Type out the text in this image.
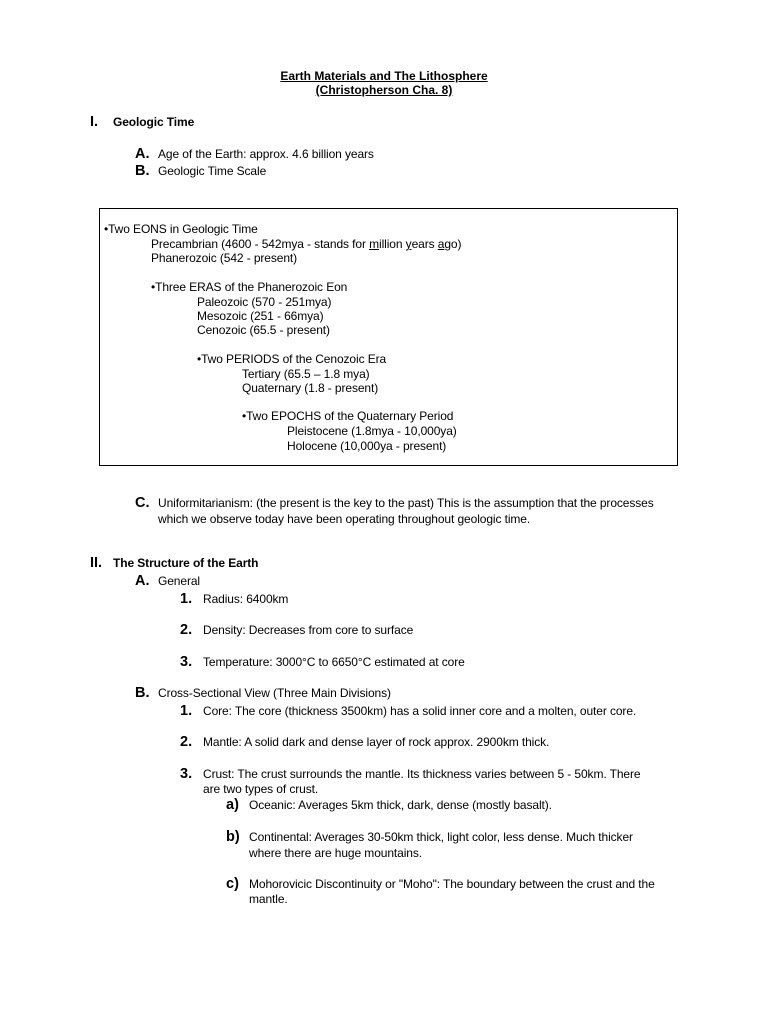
Earth Materials and The Lithosphere
(Christopherson Cha. 8)
I. Geologic Time
A. Age of the Earth: approx. 4.6 billion years
B. Geologic Time Scale
•Two EONS in Geologic Time
Precambrian (4600 - 542mya - stands for million years ago)
Phanerozoic (542 - present)
•Three ERAS of the Phanerozoic Eon
Paleozoic (570 - 251mya)
Mesozoic (251 - 66mya)
Cenozoic (65.5 - present)
•Two PERIODS of the Cenozoic Era
Tertiary (65.5 – 1.8 mya)
Quaternary (1.8 - present)
•Two EPOCHS of the Quaternary Period
Pleistocene (1.8mya - 10,000ya)
Holocene (10,000ya - present)
C. Uniformitarianism: (the present is the key to the past) This is the assumption that the processes
which we observe today have been operating throughout geologic time.
II. The Structure of the Earth
A. General
1. Radius: 6400km
2. Density: Decreases from core to surface
3. Temperature: 3000°C to 6650°C estimated at core
B. Cross-Sectional View (Three Main Divisions)
1. Core: The core (thickness 3500km) has a solid inner core and a molten, outer core.
2. Mantle: A solid dark and dense layer of rock approx. 2900km thick.
3. Crust: The crust surrounds the mantle. Its thickness varies between 5 - 50km. There
are two types of crust.
a) Oceanic: Averages 5km thick, dark, dense (mostly basalt).
b) Continental: Averages 30-50km thick, light color, less dense. Much thicker
where there are huge mountains.
c) Mohorovicic Discontinuity or "Moho": The boundary between the crust and the
mantle.
